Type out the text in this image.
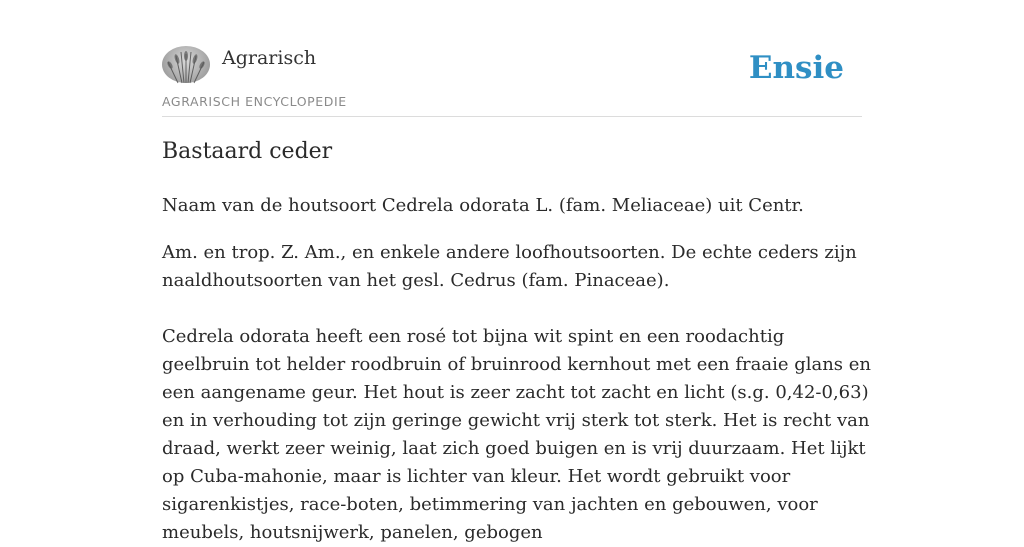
Agrarisch
AGRARISCH ENCYCLOPEDIE
Ensie
Bastaard ceder

Naam van de houtsoort Cedrela odorata L. (fam. Meliaceae) uit Centr.

Am. en trop. Z. Am., en enkele andere loofhoutsoorten. De echte ceders zijn naaldhoutsoorten van het gesl. Cedrus (fam. Pinaceae).

Cedrela odorata heeft een rosé tot bijna wit spint en een roodachtig geelbruin tot helder roodbruin of bruinrood kernhout met een fraaie glans en een aangename geur. Het hout is zeer zacht tot zacht en licht (s.g. 0,42-0,63) en in verhouding tot zijn geringe gewicht vrij sterk tot sterk. Het is recht van draad, werkt zeer weinig, laat zich goed buigen en is vrij duurzaam. Het lijkt op Cuba-mahonie, maar is lichter van kleur. Het wordt gebruikt voor sigarenkistjes, race-boten, betimmering van jachten en gebouwen, voor meubels, houtsnijwerk, panelen, gebogen
